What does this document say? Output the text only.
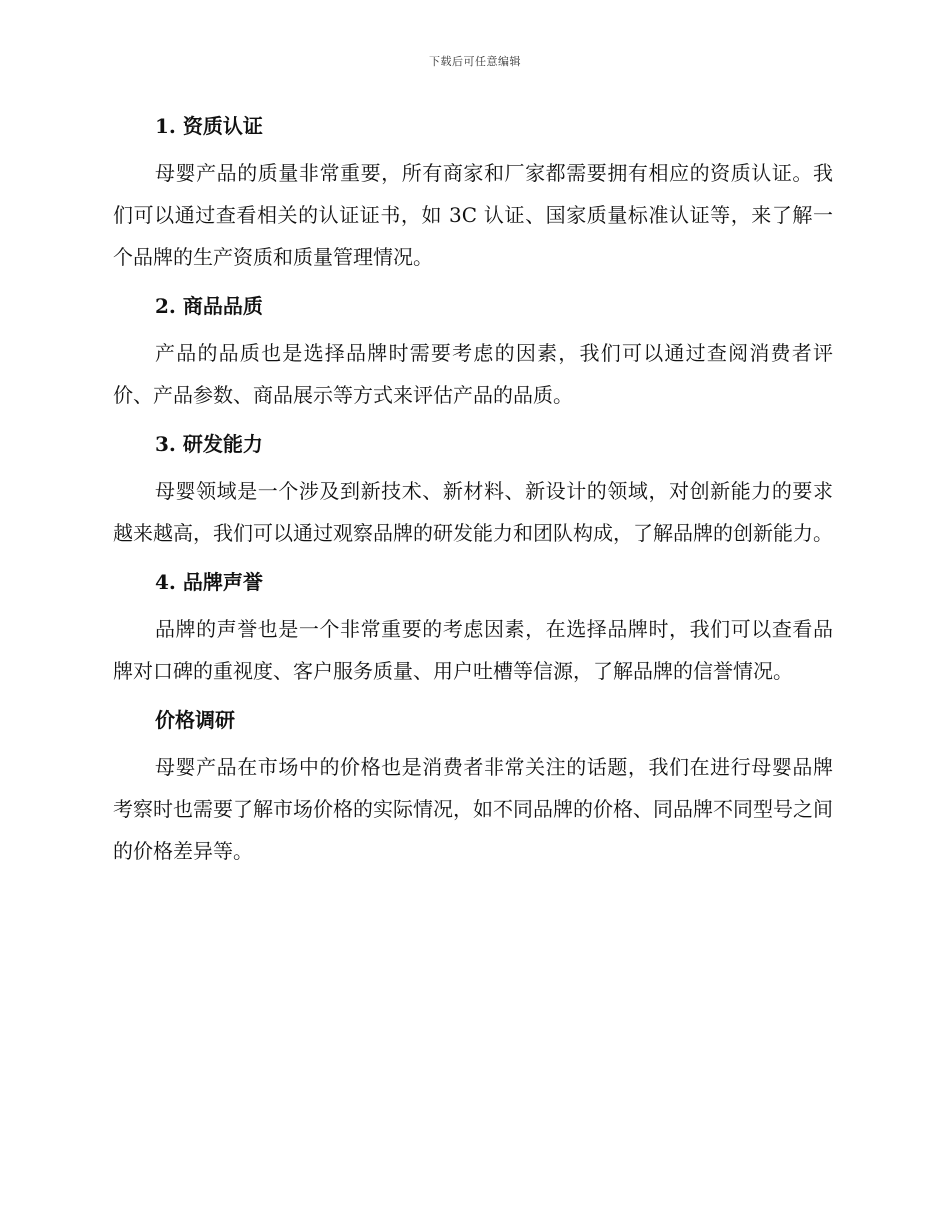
下载后可任意编辑
1. 资质认证

母婴产品的质量非常重要，所有商家和厂家都需要拥有相应的资质认证。我们可以通过查看相关的认证证书，如 3C 认证、国家质量标准认证等，来了解一个品牌的生产资质和质量管理情况。

2. 商品品质

产品的品质也是选择品牌时需要考虑的因素，我们可以通过查阅消费者评价、产品参数、商品展示等方式来评估产品的品质。

3. 研发能力

母婴领域是一个涉及到新技术、新材料、新设计的领域，对创新能力的要求越来越高，我们可以通过观察品牌的研发能力和团队构成，了解品牌的创新能力。

4. 品牌声誉

品牌的声誉也是一个非常重要的考虑因素，在选择品牌时，我们可以查看品牌对口碑的重视度、客户服务质量、用户吐槽等信源，了解品牌的信誉情况。

价格调研

母婴产品在市场中的价格也是消费者非常关注的话题，我们在进行母婴品牌考察时也需要了解市场价格的实际情况，如不同品牌的价格、同品牌不同型号之间的价格差异等。
